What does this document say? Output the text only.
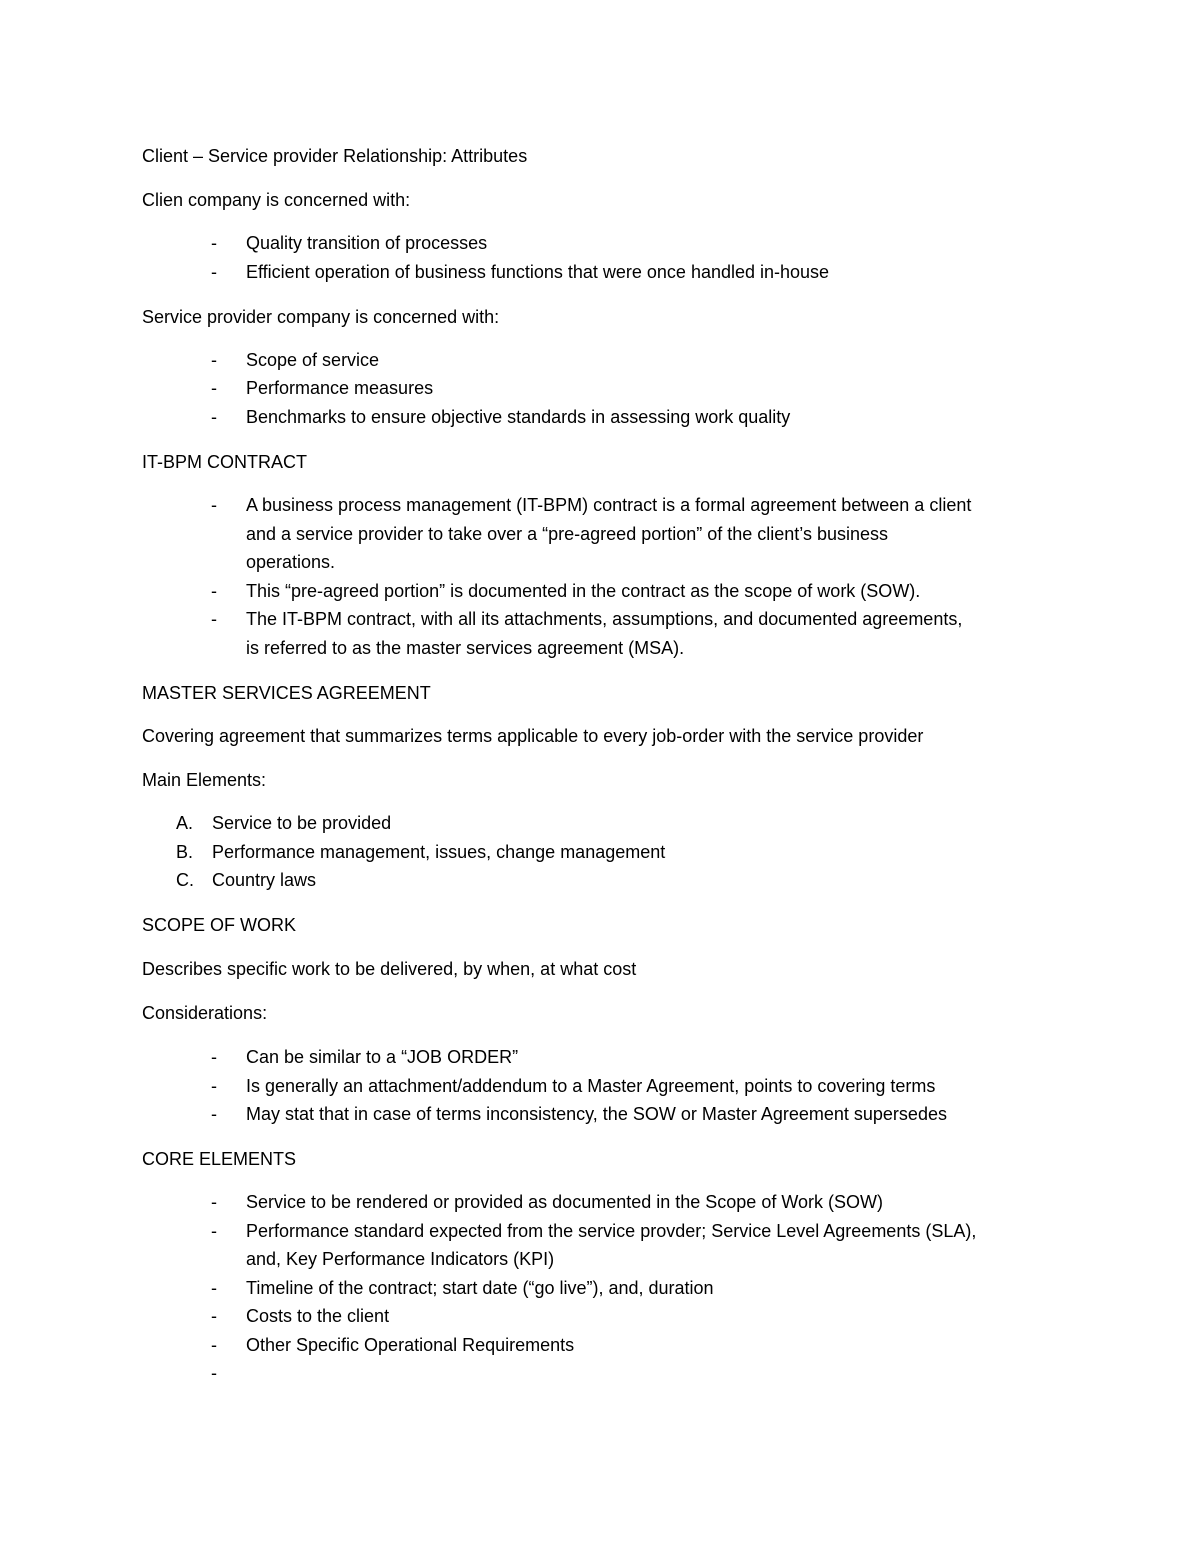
Client – Service provider Relationship: Attributes
Clien company is concerned with:
- Quality transition of processes
- Efficient operation of business functions that were once handled in-house
Service provider company is concerned with:
- Scope of service
- Performance measures
- Benchmarks to ensure objective standards in assessing work quality
IT-BPM CONTRACT
- A business process management (IT-BPM) contract is a formal agreement between a client
and a service provider to take over a “pre-agreed portion” of the client’s business
operations.
- This “pre-agreed portion” is documented in the contract as the scope of work (SOW).
- The IT-BPM contract, with all its attachments, assumptions, and documented agreements,
is referred to as the master services agreement (MSA).
MASTER SERVICES AGREEMENT
Covering agreement that summarizes terms applicable to every job-order with the service provider
Main Elements:
A. Service to be provided
B. Performance management, issues, change management
C. Country laws
SCOPE OF WORK
Describes specific work to be delivered, by when, at what cost
Considerations:
- Can be similar to a “JOB ORDER”
- Is generally an attachment/addendum to a Master Agreement, points to covering terms
- May stat that in case of terms inconsistency, the SOW or Master Agreement supersedes
CORE ELEMENTS
- Service to be rendered or provided as documented in the Scope of Work (SOW)
- Performance standard expected from the service provder; Service Level Agreements (SLA),
and, Key Performance Indicators (KPI)
- Timeline of the contract; start date (“go live”), and, duration
- Costs to the client
- Other Specific Operational Requirements
-
